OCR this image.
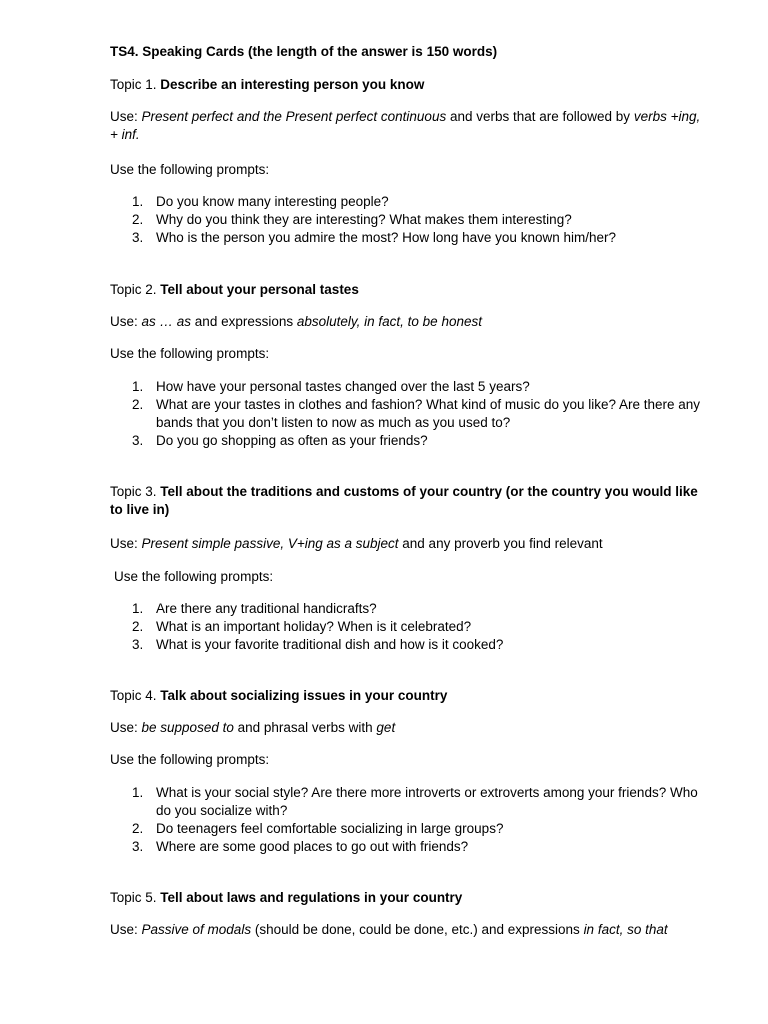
TS4. Speaking Cards (the length of the answer is 150 words)

Topic 1. Describe an interesting person you know

Use: Present perfect and the Present perfect continuous and verbs that are followed by verbs +ing, + inf.

Use the following prompts:

1. Do you know many interesting people?
2. Why do you think they are interesting? What makes them interesting?
3. Who is the person you admire the most? How long have you known him/her?

Topic 2. Tell about your personal tastes

Use: as … as and expressions absolutely, in fact, to be honest

Use the following prompts:

1. How have your personal tastes changed over the last 5 years?
2. What are your tastes in clothes and fashion? What kind of music do you like? Are there any bands that you don’t listen to now as much as you used to?
3. Do you go shopping as often as your friends?

Topic 3. Tell about the traditions and customs of your country (or the country you would like to live in)

Use: Present simple passive, V+ing as a subject and any proverb you find relevant

Use the following prompts:

1. Are there any traditional handicrafts?
2. What is an important holiday? When is it celebrated?
3. What is your favorite traditional dish and how is it cooked?

Topic 4. Talk about socializing issues in your country

Use: be supposed to and phrasal verbs with get

Use the following prompts:

1. What is your social style? Are there more introverts or extroverts among your friends? Who do you socialize with?
2. Do teenagers feel comfortable socializing in large groups?
3. Where are some good places to go out with friends?

Topic 5. Tell about laws and regulations in your country

Use: Passive of modals (should be done, could be done, etc.) and expressions in fact, so that
